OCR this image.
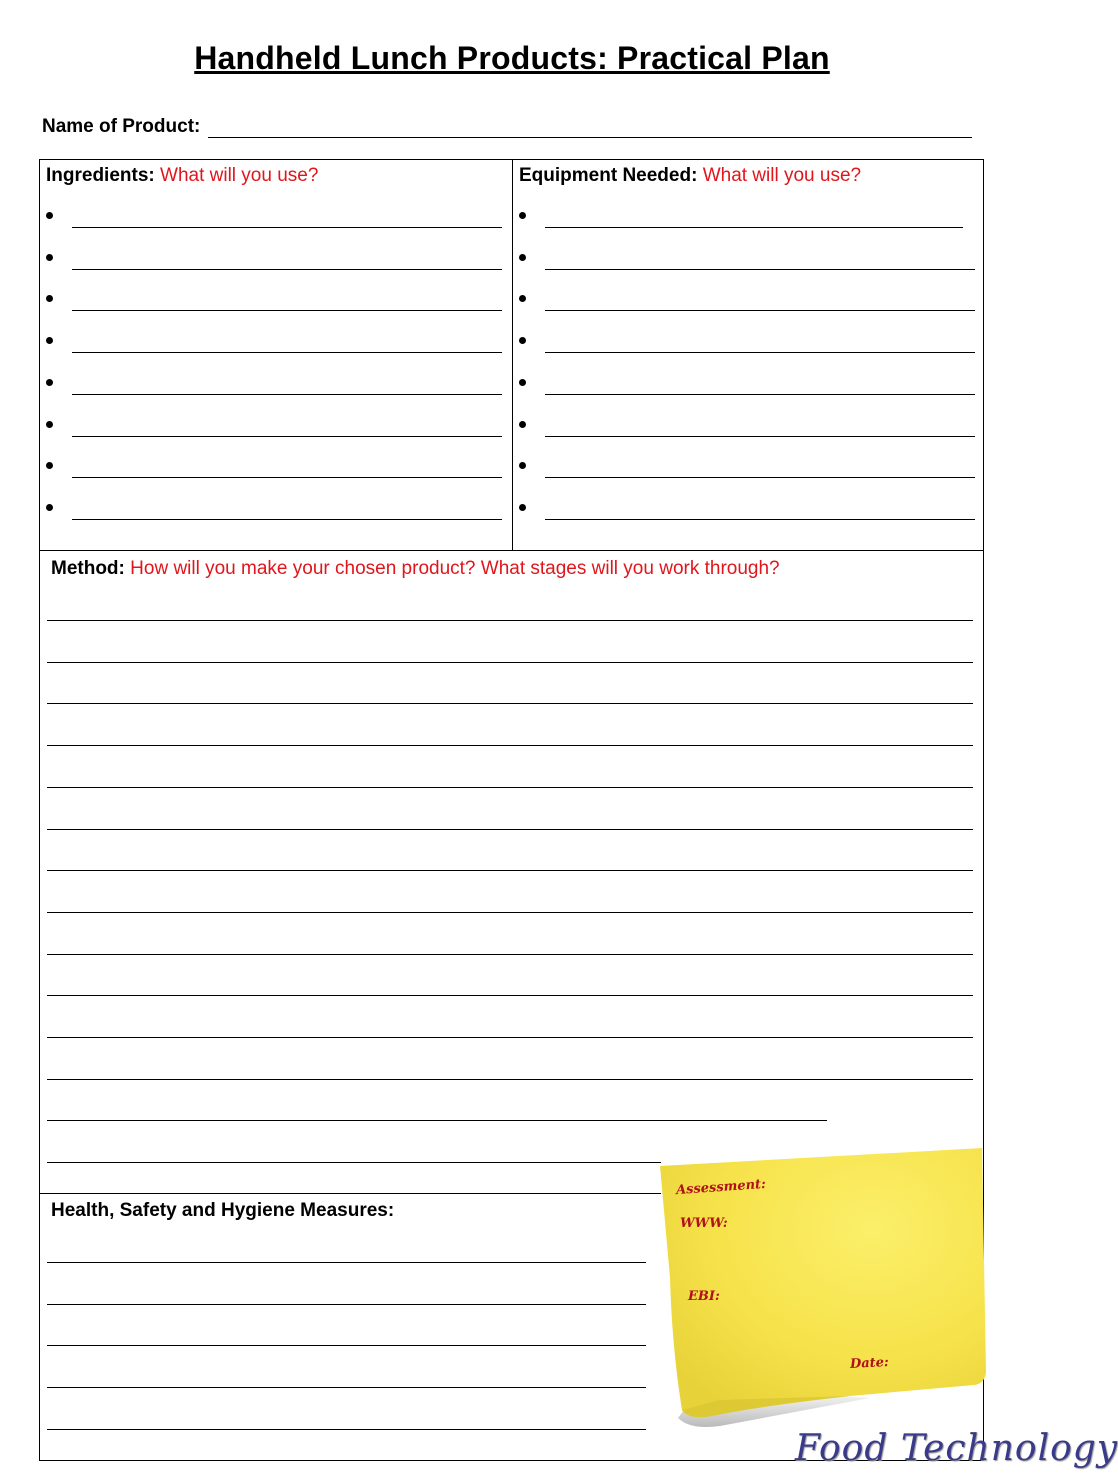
Handheld Lunch Products: Practical Plan
Name of Product:
Ingredients: What will you use?	Equipment Needed: What will you use?
Method: How will you make your chosen product? What stages will you work through?
Health, Safety and Hygiene Measures:
Assessment:
WWW:
EBI:
Date:
Food Technology
